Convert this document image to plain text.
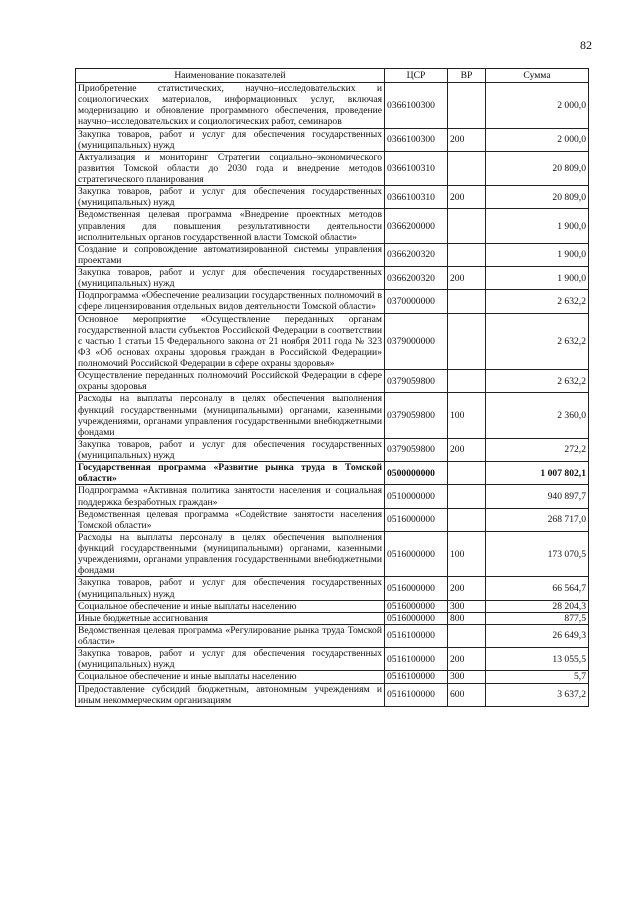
82
Наименование показателей	ЦСР	ВР	Сумма
Приобретение статистических, научно–исследовательских и социологических материалов, информационных услуг, включая модернизацию и обновление программного обеспечения, проведение научно–исследовательских и социологических работ, семинаров	0366100300		2 000,0
Закупка товаров, работ и услуг для обеспечения государственных (муниципальных) нужд	0366100300	200	2 000,0
Актуализация и мониторинг Стратегии социально–экономического развития Томской области до 2030 года и внедрение методов стратегического планирования	0366100310		20 809,0
Закупка товаров, работ и услуг для обеспечения государственных (муниципальных) нужд	0366100310	200	20 809,0
Ведомственная целевая программа «Внедрение проектных методов управления для повышения результативности деятельности исполнительных органов государственной власти Томской области»	0366200000		1 900,0
Создание и сопровождение автоматизированной системы управления проектами	0366200320		1 900,0
Закупка товаров, работ и услуг для обеспечения государственных (муниципальных) нужд	0366200320	200	1 900,0
Подпрограмма «Обеспечение реализации государственных полномочий в сфере лицензирования отдельных видов деятельности Томской области»	0370000000		2 632,2
Основное мероприятие «Осуществление переданных органам государственной власти субъектов Российской Федерации в соответствии с частью 1 статьи 15 Федерального закона от 21 ноября 2011 года № 323 ФЗ «Об основах охраны здоровья граждан в Российской Федерации» полномочий Российской Федерации в сфере охраны здоровья»	0379000000		2 632,2
Осуществление переданных полномочий Российской Федерации в сфере охраны здоровья	0379059800		2 632,2
Расходы на выплаты персоналу в целях обеспечения выполнения функций государственными (муниципальными) органами, казенными учреждениями, органами управления государственными внебюджетными фондами	0379059800	100	2 360,0
Закупка товаров, работ и услуг для обеспечения государственных (муниципальных) нужд	0379059800	200	272,2
Государственная программа «Развитие рынка труда в Томской области»	0500000000		1 007 802,1
Подпрограмма «Активная политика занятости населения и социальная поддержка безработных граждан»	0510000000		940 897,7
Ведомственная целевая программа «Содействие занятости населения Томской области»	0516000000		268 717,0
Расходы на выплаты персоналу в целях обеспечения выполнения функций государственными (муниципальными) органами, казенными учреждениями, органами управления государственными внебюджетными фондами	0516000000	100	173 070,5
Закупка товаров, работ и услуг для обеспечения государственных (муниципальных) нужд	0516000000	200	66 564,7
Социальное обеспечение и иные выплаты населению	0516000000	300	28 204,3
Иные бюджетные ассигнования	0516000000	800	877,5
Ведомственная целевая программа «Регулирование рынка труда Томской области»	0516100000		26 649,3
Закупка товаров, работ и услуг для обеспечения государственных (муниципальных) нужд	0516100000	200	13 055,5
Социальное обеспечение и иные выплаты населению	0516100000	300	5,7
Предоставление субсидий бюджетным, автономным учреждениям и иным некоммерческим организациям	0516100000	600	3 637,2
